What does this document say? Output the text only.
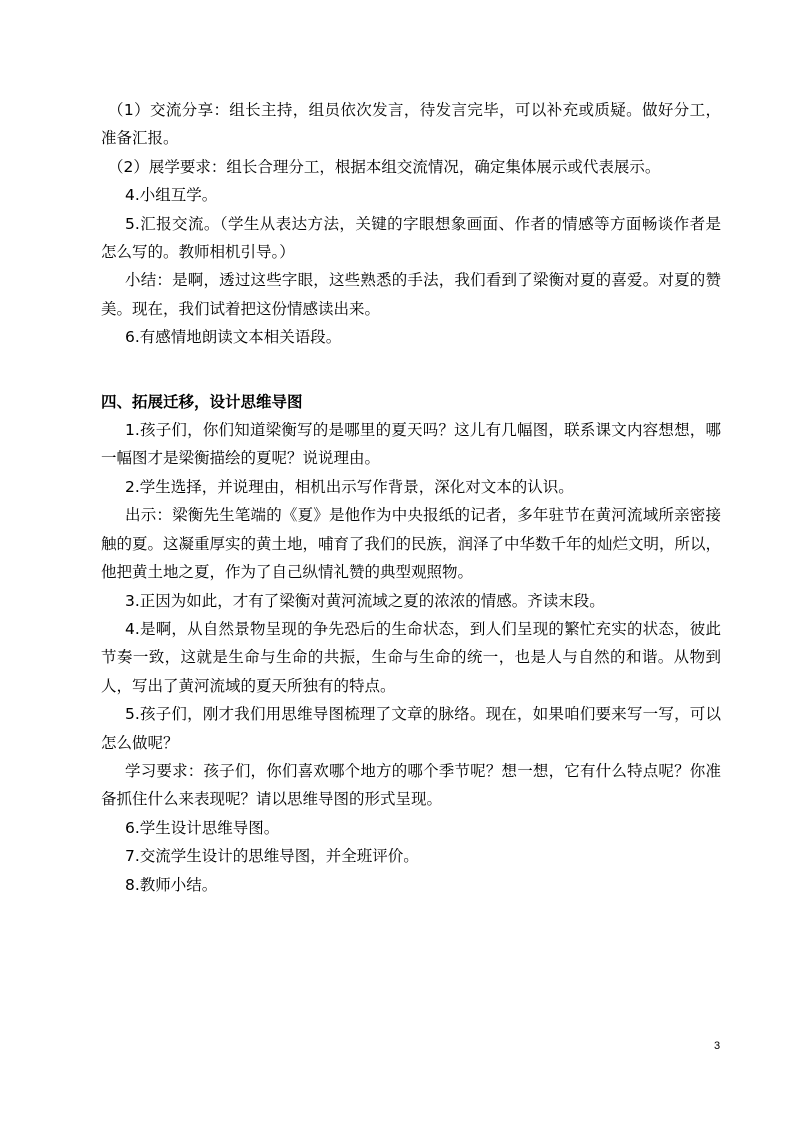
（1）交流分享：组长主持，组员依次发言，待发言完毕，可以补充或质疑。做好分工，准备汇报。

（2）展学要求：组长合理分工，根据本组交流情况，确定集体展示或代表展示。

4.小组互学。

5.汇报交流。（学生从表达方法，关键的字眼想象画面、作者的情感等方面畅谈作者是怎么写的。教师相机引导。）

小结：是啊，透过这些字眼，这些熟悉的手法，我们看到了梁衡对夏的喜爱。对夏的赞美。现在，我们试着把这份情感读出来。

6.有感情地朗读文本相关语段。

四、拓展迁移，设计思维导图

1.孩子们，你们知道梁衡写的是哪里的夏天吗？这儿有几幅图，联系课文内容想想，哪一幅图才是梁衡描绘的夏呢？说说理由。

2.学生选择，并说理由，相机出示写作背景，深化对文本的认识。

出示：梁衡先生笔端的《夏》是他作为中央报纸的记者，多年驻节在黄河流域所亲密接触的夏。这凝重厚实的黄土地，哺育了我们的民族，润泽了中华数千年的灿烂文明，所以，他把黄土地之夏，作为了自己纵情礼赞的典型观照物。

3.正因为如此，才有了梁衡对黄河流域之夏的浓浓的情感。齐读末段。

4.是啊，从自然景物呈现的争先恐后的生命状态，到人们呈现的繁忙充实的状态，彼此节奏一致，这就是生命与生命的共振，生命与生命的统一，也是人与自然的和谐。从物到人，写出了黄河流域的夏天所独有的特点。

5.孩子们，刚才我们用思维导图梳理了文章的脉络。现在，如果咱们要来写一写，可以怎么做呢？

学习要求：孩子们，你们喜欢哪个地方的哪个季节呢？想一想，它有什么特点呢？你准备抓住什么来表现呢？请以思维导图的形式呈现。

6.学生设计思维导图。

7.交流学生设计的思维导图，并全班评价。

8.教师小结。

3
